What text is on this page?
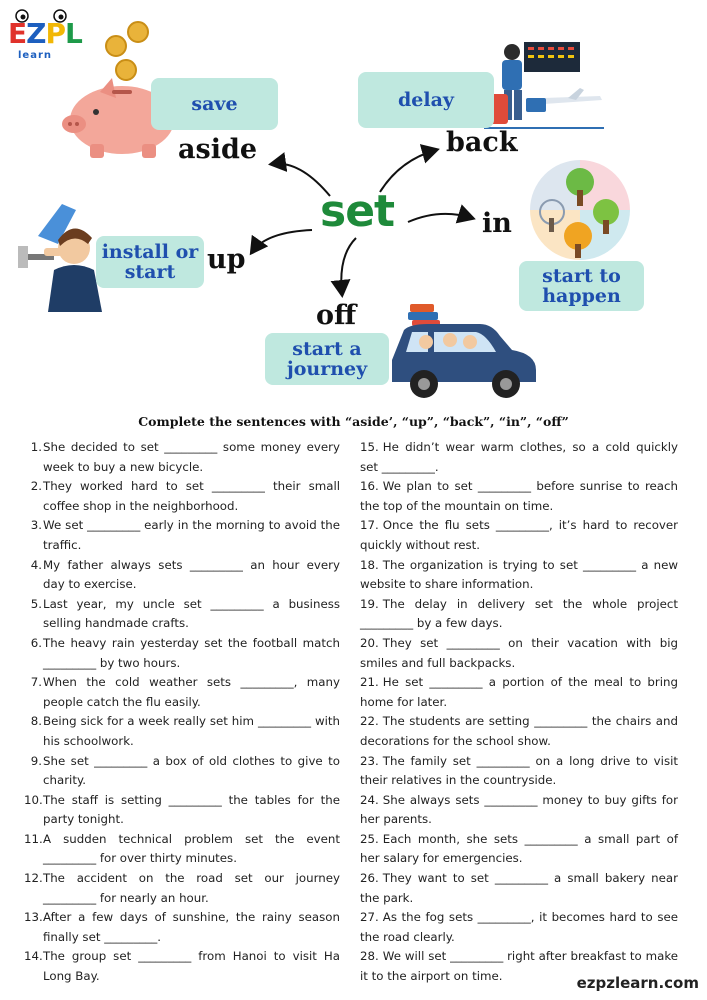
EZPL
learn
save	delay
start to
happen
install or
start
start a
journey
set
aside	back
in
up
off
Complete the sentences with “aside’, “up”, “back”, “in”, “off”
1. She decided to set _________ some money every week to buy a new bicycle.
2. They worked hard to set _________ their small coffee shop in the neighborhood.
3. We set _________ early in the morning to avoid the traffic.
4. My father always sets _________ an hour every day to exercise.
5. Last year, my uncle set _________ a business selling handmade crafts.
6. The heavy rain yesterday set the football match _________ by two hours.
7. When the cold weather sets _________, many people catch the flu easily.
8. Being sick for a week really set him _________ with his schoolwork.
9. She set _________ a box of old clothes to give to charity.
10. The staff is setting _________ the tables for the party tonight.
11. A sudden technical problem set the event _________ for over thirty minutes.
12. The accident on the road set our journey _________ for nearly an hour.
13. After a few days of sunshine, the rainy season finally set _________.
14. The group set _________ from Hanoi to visit Ha Long Bay.
15. He didn’t wear warm clothes, so a cold quickly set _________.
16. We plan to set _________ before sunrise to reach the top of the mountain on time.
17. Once the flu sets _________, it’s hard to recover quickly without rest.
18. The organization is trying to set _________ a new website to share information.
19. The delay in delivery set the whole project _________ by a few days.
20. They set _________ on their vacation with big smiles and full backpacks.
21. He set _________ a portion of the meal to bring home for later.
22. The students are setting _________ the chairs and decorations for the school show.
23. The family set _________ on a long drive to visit their relatives in the countryside.
24. She always sets _________ money to buy gifts for her parents.
25. Each month, she sets _________ a small part of her salary for emergencies.
26. They want to set _________ a small bakery near the park.
27. As the fog sets _________, it becomes hard to see the road clearly.
28. We will set _________ right after breakfast to make it to the airport on time.	ezpzlearn.com
